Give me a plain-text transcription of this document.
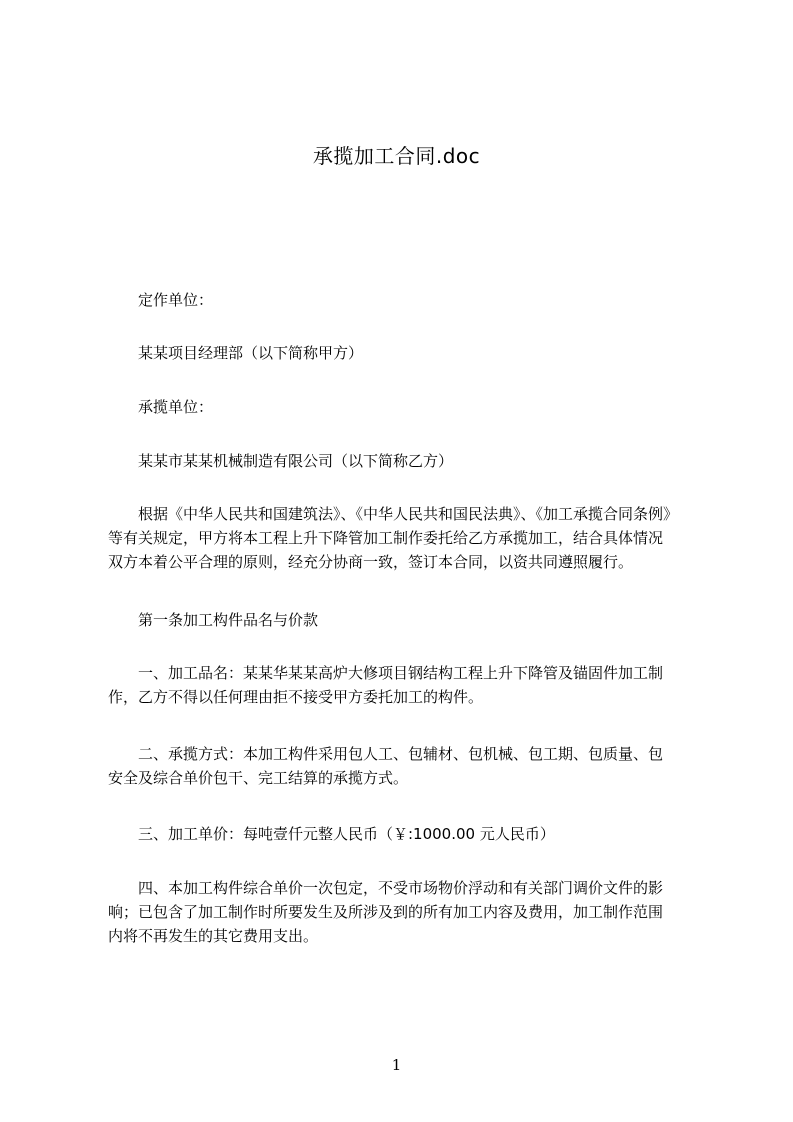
承揽加工合同.doc
　　定作单位：
　　某某项目经理部（以下简称甲方）
　　承揽单位：
　　某某市某某机械制造有限公司（以下简称乙方）
　　根据《中华人民共和国建筑法》、《中华人民共和国民法典》、《加工承揽合同条例》
等有关规定，甲方将本工程上升下降管加工制作委托给乙方承揽加工，结合具体情况
双方本着公平合理的原则，经充分协商一致，签订本合同，以资共同遵照履行。
　　第一条加工构件品名与价款
　　一、加工品名：某某华某某高炉大修项目钢结构工程上升下降管及锚固件加工制
作，乙方不得以任何理由拒不接受甲方委托加工的构件。
　　二、承揽方式：本加工构件采用包人工、包辅材、包机械、包工期、包质量、包
安全及综合单价包干、完工结算的承揽方式。
　　三、加工单价：每吨壹仟元整人民币（￥:1000.00 元人民币）
　　四、本加工构件综合单价一次包定，不受市场物价浮动和有关部门调价文件的影
响；已包含了加工制作时所要发生及所涉及到的所有加工内容及费用，加工制作范围
内将不再发生的其它费用支出。
1
